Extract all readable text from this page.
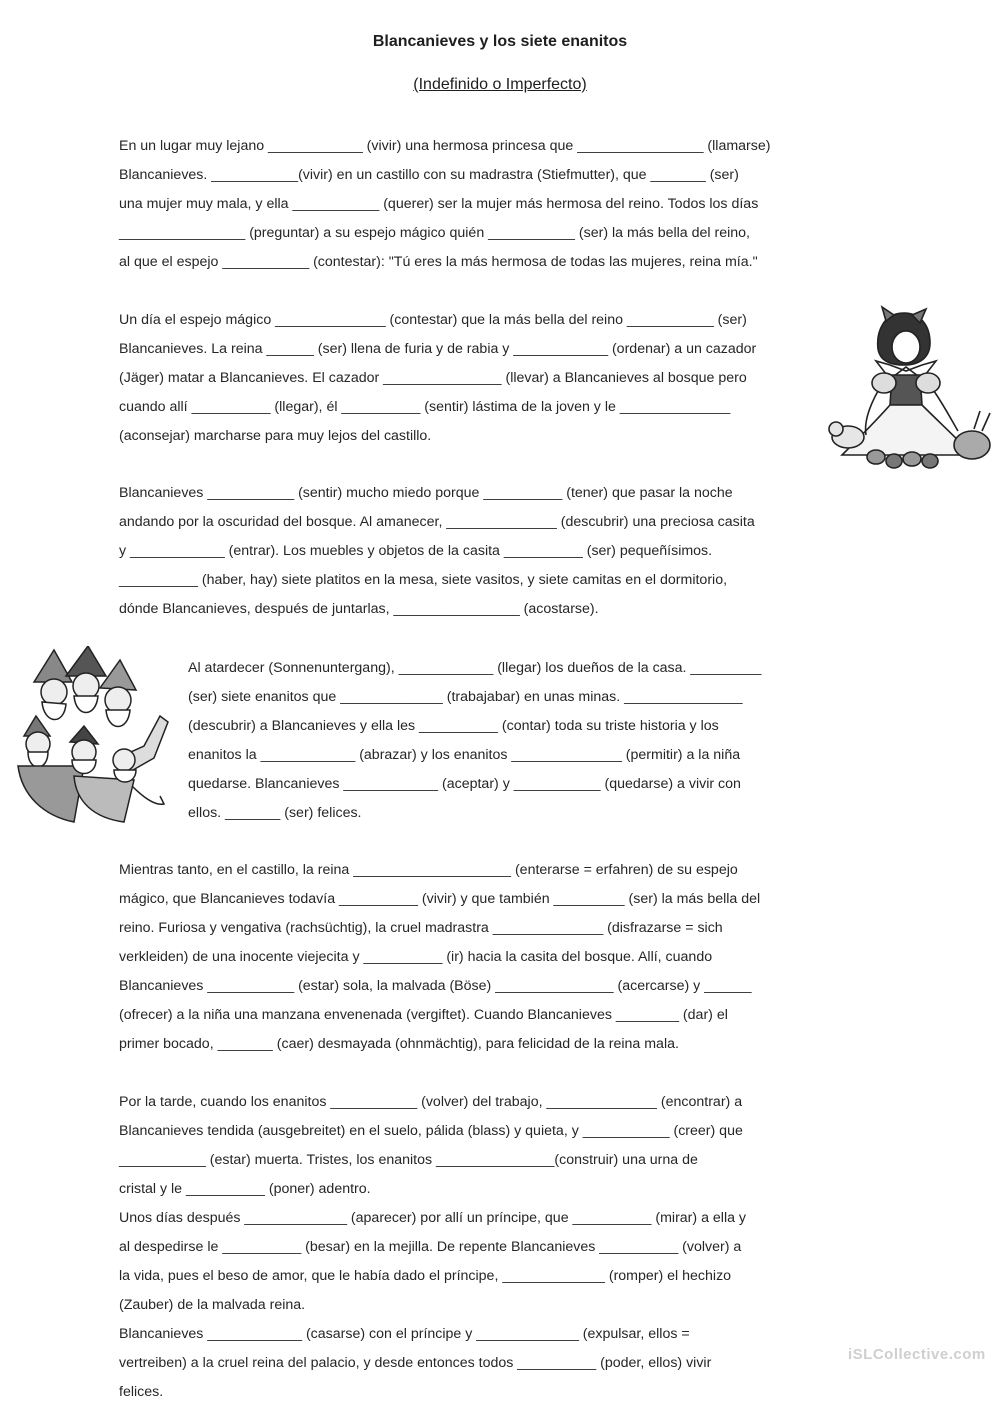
Blancanieves y los siete enanitos
(Indefinido o Imperfecto)
En un lugar muy lejano ____________ (vivir) una hermosa princesa que ________________ (llamarse)
Blancanieves. ___________(vivir) en un castillo con su madrastra (Stiefmutter), que _______ (ser)
una mujer muy mala, y ella ___________ (querer) ser la mujer más hermosa del reino. Todos los días
________________ (preguntar) a su espejo mágico quién ___________ (ser) la más bella del reino,
al que el espejo ___________ (contestar): "Tú eres la más hermosa de todas las mujeres, reina mía."
Un día el espejo mágico ______________ (contestar) que la más bella del reino ___________ (ser)
Blancanieves. La reina ______ (ser) llena de furia y de rabia y ____________ (ordenar) a un cazador
(Jäger) matar a Blancanieves. El cazador _______________ (llevar) a Blancanieves al bosque pero
cuando allí __________ (llegar), él __________ (sentir) lástima de la joven y le ______________
(aconsejar) marcharse para muy lejos del castillo.
Blancanieves ___________ (sentir) mucho miedo porque __________ (tener) que pasar la noche
andando por la oscuridad del bosque. Al amanecer, ______________ (descubrir) una preciosa casita
y ____________ (entrar). Los muebles y objetos de la casita __________ (ser) pequeñísimos.
__________ (haber, hay) siete platitos en la mesa, siete vasitos, y siete camitas en el dormitorio,
dónde Blancanieves, después de juntarlas, ________________ (acostarse).
Al atardecer (Sonnenuntergang), ____________ (llegar) los dueños de la casa. _________
(ser) siete enanitos que _____________ (trabajabar) en unas minas. _______________
(descubrir) a Blancanieves y ella les __________ (contar) toda su triste historia y los
enanitos la ____________ (abrazar) y los enanitos ______________ (permitir) a la niña
quedarse. Blancanieves ____________ (aceptar) y ___________ (quedarse) a vivir con
ellos. _______ (ser) felices.
Mientras tanto, en el castillo, la reina ____________________ (enterarse = erfahren) de su espejo
mágico, que Blancanieves todavía __________ (vivir) y que también _________ (ser) la más bella del
reino. Furiosa y vengativa (rachsüchtig), la cruel madrastra ______________ (disfrazarse = sich
verkleiden) de una inocente viejecita y __________ (ir) hacia la casita del bosque. Allí, cuando
Blancanieves ___________ (estar) sola, la malvada (Böse) _______________ (acercarse) y ______
(ofrecer) a la niña una manzana envenenada (vergiftet). Cuando Blancanieves ________ (dar) el
primer bocado, _______ (caer) desmayada (ohnmächtig), para felicidad de la reina mala.
Por la tarde, cuando los enanitos ___________ (volver) del trabajo, ______________ (encontrar) a
Blancanieves tendida (ausgebreitet) en el suelo, pálida (blass) y quieta, y ___________ (creer) que
___________ (estar) muerta. Tristes, los enanitos _______________(construir) una urna de
cristal y le __________ (poner) adentro.
Unos días después _____________ (aparecer) por allí un príncipe, que __________ (mirar) a ella y
al despedirse le __________ (besar) en la mejilla. De repente Blancanieves __________ (volver) a
la vida, pues el beso de amor, que le había dado el príncipe, _____________ (romper) el hechizo
(Zauber) de la malvada reina.
Blancanieves ____________ (casarse) con el príncipe y _____________ (expulsar, ellos =
vertreiben) a la cruel reina del palacio, y desde entonces todos __________ (poder, ellos) vivir
felices.
iSLCollective.com
